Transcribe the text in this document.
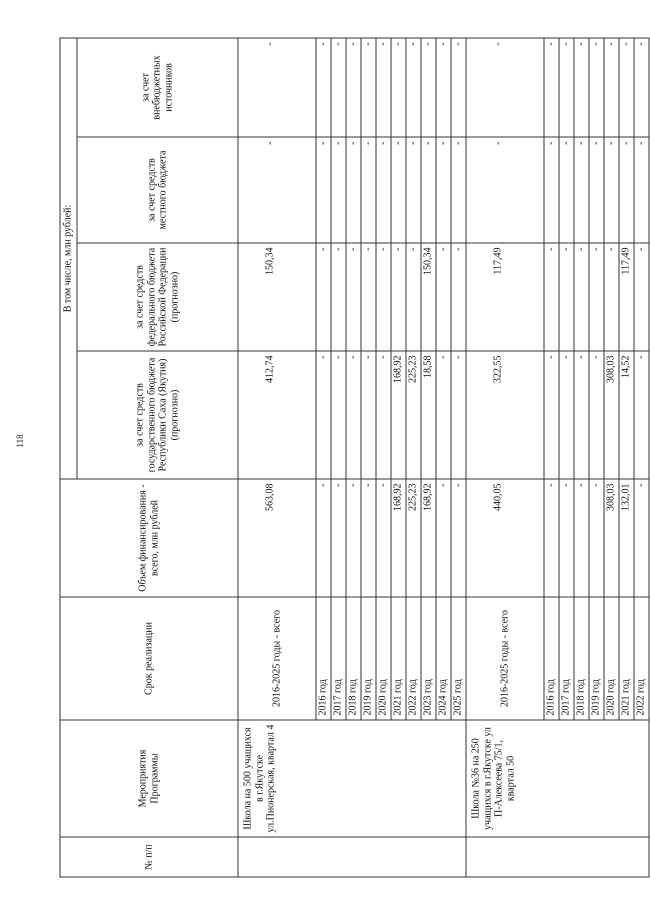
118
№ п/п	Мероприятия Программы	Срок реализации	Объем финансирования - всего, млн рублей	В том числе, млн рублей:			
				за счет средств государственного бюджета Республики Саха (Якутия) (прогнозно)	за счет средств федерального бюджета Российской Федерации (прогнозно)	за счет средств местного бюджета	за счет внебюджетных источников
	Школа на 500 учащихся в г.Якутске ул.Пионерская, квартал 4	2016-2025 годы - всего	563,08	412,74	150,34	-	-
		2016 год	-	-	-	-	-
		2017 год	-	-	-	-	-
		2018 год	-	-	-	-	-
		2019 год	-	-	-	-	-
		2020 год	-	-	-	-	-
		2021 год	168,92	168,92	-	-	-
		2022 год	225,23	225,23	-	-	-
		2023 год	168,92	18,58	150,34	-	-
		2024 год	-	-	-	-	-
		2025 год	-	-	-	-	-
	Школа №36 на 250 учащихся в г.Якутске ул П-Алексеева 75/1, квартал 50	2016-2025 годы - всего	440,05	322,55	117,49	-	-
		2016 год	-	-	-	-	-
		2017 год	-	-	-	-	-
		2018 год	-	-	-	-	-
		2019 год	-	-	-	-	-
		2020 год	308,03	308,03	-	-	-
		2021 год	132,01	14,52	117,49	-	-
		2022 год	-	-	-	-	-
